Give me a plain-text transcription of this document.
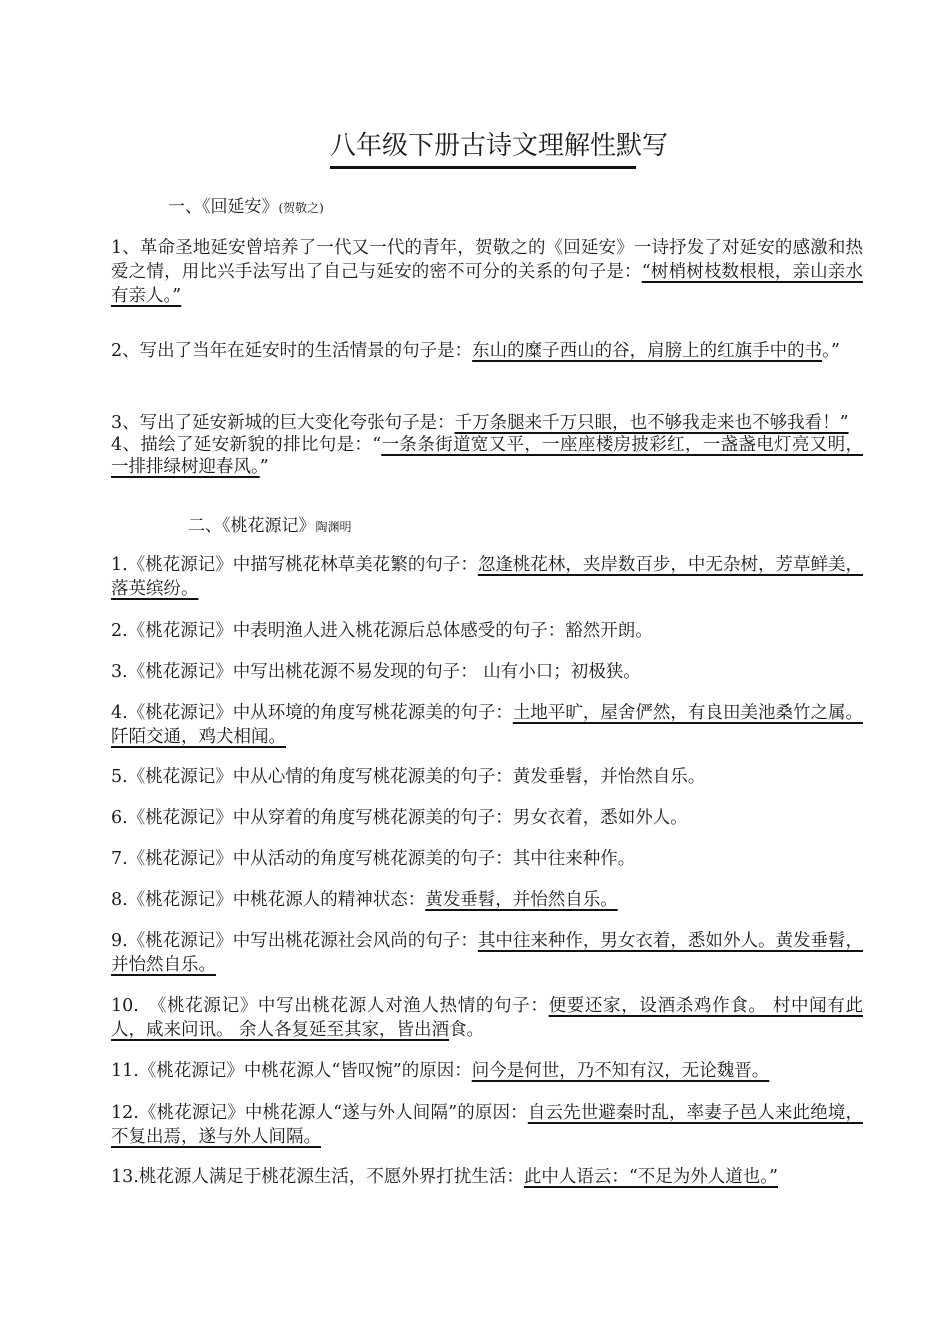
八年级下册古诗文理解性默写
一、《回延安》(贺敬之)
1、革命圣地延安曾培养了一代又一代的青年，贺敬之的《回延安》一诗抒发了对延安的感激和热爱之情，用比兴手法写出了自己与延安的密不可分的关系的句子是：“树梢树枝数根根，亲山亲水有亲人。”
2、写出了当年在延安时的生活情景的句子是：东山的糜子西山的谷，肩膀上的红旗手中的书。”
3、写出了延安新城的巨大变化夸张句子是：千万条腿来千万只眼，也不够我走来也不够我看！”　4、描绘了延安新貌的排比句是：“一条条街道宽又平，一座座楼房披彩红，一盏盏电灯亮又明，一排排绿树迎春风。”
二、《桃花源记》陶渊明
1.《桃花源记》中描写桃花林草美花繁的句子：忽逢桃花林，夹岸数百步，中无杂树，芳草鲜美，落英缤纷。
2.《桃花源记》中表明渔人进入桃花源后总体感受的句子：豁然开朗。
3.《桃花源记》中写出桃花源不易发现的句子： 山有小口；初极狭。
4.《桃花源记》中从环境的角度写桃花源美的句子：土地平旷，屋舍俨然，有良田美池桑竹之属。阡陌交通，鸡犬相闻。
5.《桃花源记》中从心情的角度写桃花源美的句子：黄发垂髫，并怡然自乐。
6.《桃花源记》中从穿着的角度写桃花源美的句子：男女衣着，悉如外人。
7.《桃花源记》中从活动的角度写桃花源美的句子：其中往来种作。
8.《桃花源记》中桃花源人的精神状态：黄发垂髫，并怡然自乐。
9.《桃花源记》中写出桃花源社会风尚的句子：其中往来种作，男女衣着，悉如外人。黄发垂髫，并怡然自乐。
10.　《桃花源记》中写出桃花源人对渔人热情的句子：便要还家，设酒杀鸡作食。 村中闻有此人，咸来问讯。 余人各复延至其家，皆出酒食。
11.《桃花源记》中桃花源人“皆叹惋”的原因：问今是何世，乃不知有汉，无论魏晋。
12.《桃花源记》中桃花源人“遂与外人间隔”的原因：自云先世避秦时乱，率妻子邑人来此绝境，不复出焉，遂与外人间隔。
13.桃花源人满足于桃花源生活，不愿外界打扰生活：此中人语云：“不足为外人道也。”
